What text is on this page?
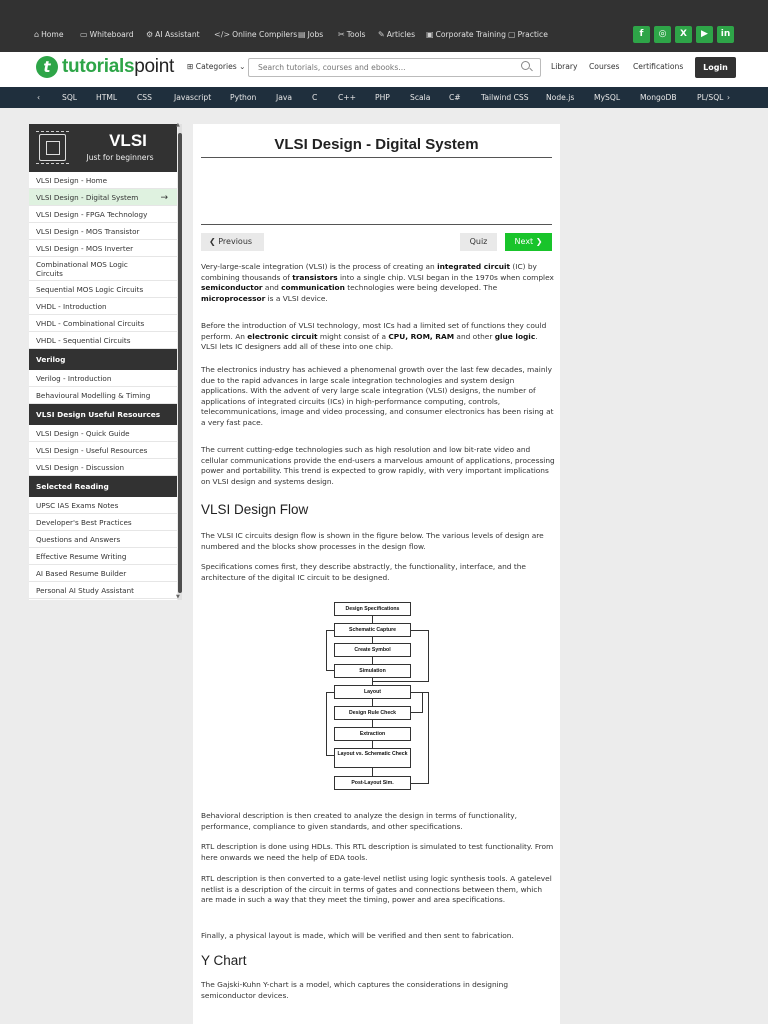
⌂ Home ▭ Whiteboard ⚙ AI Assistant </> Online Compilers ▤ Jobs ✂ Tools ✎ Articles ▣ Corporate Training ▢ Practice	f	◎	X	▶	in
t tutorialspoint ⊞ Categories ⌄
Search tutorials, courses and ebooks...	Library Courses Certifications	Login
‹	SQL HTML	CSS	Javascript Python	Java	C	C++ PHP	Scala C#	Tailwind CSS Node.js	MySQL	MongoDB	PL/SQL ›
VLSI
Just for beginners
VLSI Design - Home
VLSI Design - Digital System →
VLSI Design - FPGA Technology
VLSI Design - MOS Transistor
VLSI Design - MOS Inverter
Combinational MOS Logic Circuits
Sequential MOS Logic Circuits
VHDL - Introduction
VHDL - Combinational Circuits
VHDL - Sequential Circuits
Verilog
Verilog - Introduction
Behavioural Modelling & Timing
VLSI Design Useful Resources
VLSI Design - Quick Guide
VLSI Design - Useful Resources
VLSI Design - Discussion
Selected Reading
UPSC IAS Exams Notes
Developer's Best Practices
Questions and Answers
Effective Resume Writing
AI Based Resume Builder
Personal AI Study Assistant
▲
▼
VLSI Design - Digital System
❮ Previous	Quiz	Next ❯
Very-large-scale integration (VLSI) is the process of creating an integrated circuit (IC) by combining thousands of transistors into a single chip. VLSI began in the 1970s when complex semiconductor and communication technologies were being developed. The microprocessor is a VLSI device.
Before the introduction of VLSI technology, most ICs had a limited set of functions they could perform. An electronic circuit might consist of a CPU, ROM, RAM and other glue logic. VLSI lets IC designers add all of these into one chip.
The electronics industry has achieved a phenomenal growth over the last few decades, mainly due to the rapid advances in large scale integration technologies and system design applications. With the advent of very large scale integration (VLSI) designs, the number of applications of integrated circuits (ICs) in high-performance computing, controls, telecommunications, image and video processing, and consumer electronics has been rising at a very fast pace.
The current cutting-edge technologies such as high resolution and low bit-rate video and cellular communications provide the end-users a marvelous amount of applications, processing power and portability. This trend is expected to grow rapidly, with very important implications on VLSI design and systems design.
VLSI Design Flow
The VLSI IC circuits design flow is shown in the figure below. The various levels of design are numbered and the blocks show processes in the design flow.
Specifications comes first, they describe abstractly, the functionality, interface, and the architecture of the digital IC circuit to be designed.
Design Specifications
Schematic Capture
Create Symbol
Simulation
Layout
Design Rule Check
Extraction
Layout vs. Schematic Check
Post-Layout Sim.
Behavioral description is then created to analyze the design in terms of functionality, performance, compliance to given standards, and other specifications.
RTL description is done using HDLs. This RTL description is simulated to test functionality. From here onwards we need the help of EDA tools.
RTL description is then converted to a gate-level netlist using logic synthesis tools. A gatelevel netlist is a description of the circuit in terms of gates and connections between them, which are made in such a way that they meet the timing, power and area specifications.
Finally, a physical layout is made, which will be verified and then sent to fabrication.
Y Chart
The Gajski-Kuhn Y-chart is a model, which captures the considerations in designing semiconductor devices.
